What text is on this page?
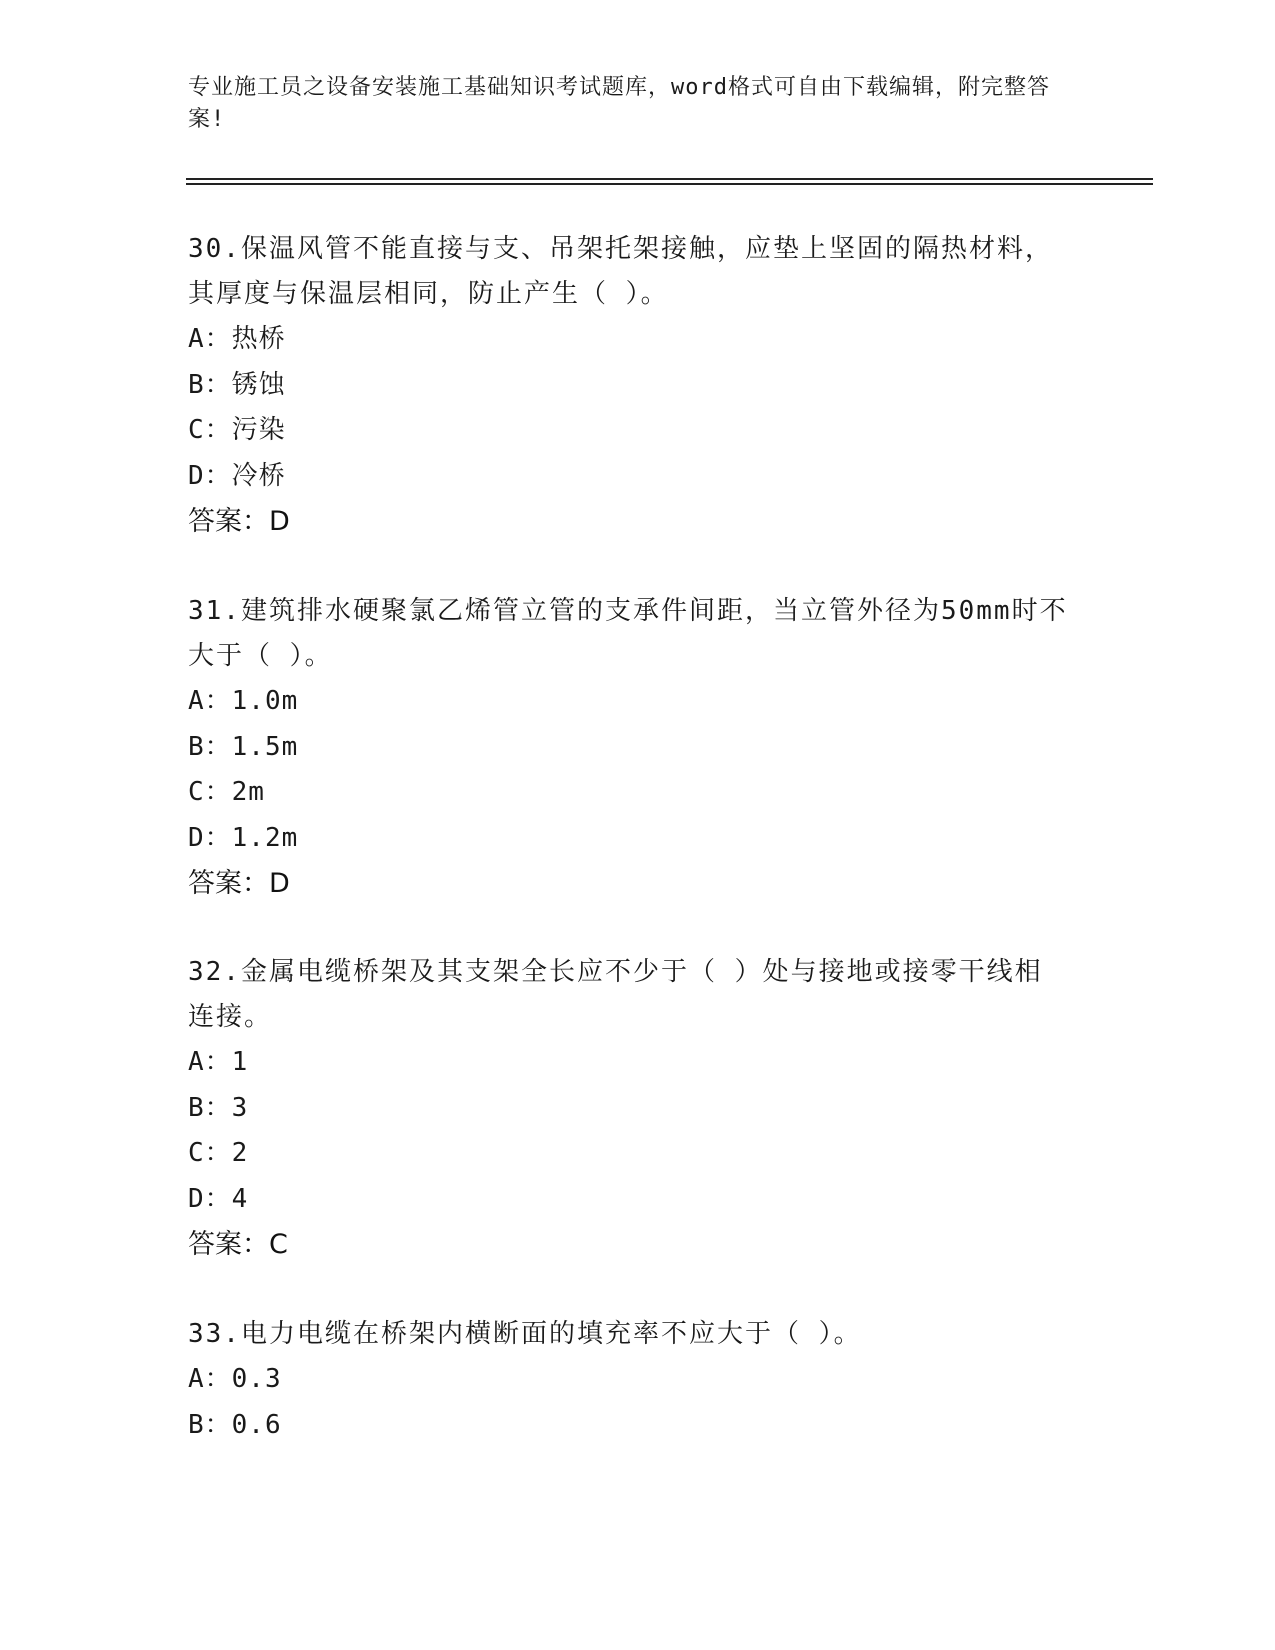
专业施工员之设备安装施工基础知识考试题库，word格式可自由下载编辑，附完整答案!

30.保温风管不能直接与支、吊架托架接触，应垫上坚固的隔热材料，其厚度与保温层相同，防止产生（ ）。

A：热桥

B：锈蚀

C：污染

D：冷桥

答案：D

31.建筑排水硬聚氯乙烯管立管的支承件间距，当立管外径为50mm时不大于（ ）。

A：1.0m

B：1.5m

C：2m

D：1.2m

答案：D

32.金属电缆桥架及其支架全长应不少于（ ）处与接地或接零干线相连接。

A：1

B：3

C：2

D：4

答案：C

33.电力电缆在桥架内横断面的填充率不应大于（ ）。

A：0.3

B：0.6
